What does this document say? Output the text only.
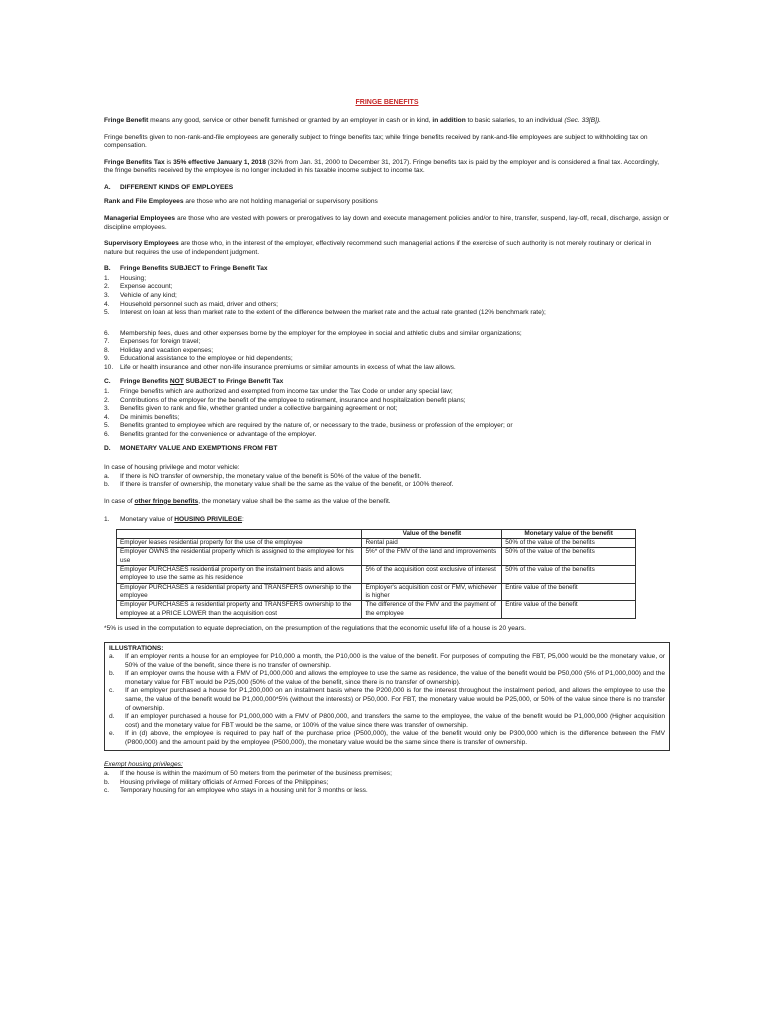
FRINGE BENEFITS

Fringe Benefit means any good, service or other benefit furnished or granted by an employer in cash or in kind, in addition to basic salaries, to an individual (Sec. 33[B]).

Fringe benefits given to non-rank-and-file employees are generally subject to fringe benefits tax; while fringe benefits received by rank-and-file employees are subject to withholding tax on compensation.

Fringe Benefits Tax is 35% effective January 1, 2018 (32% from Jan. 31, 2000 to December 31, 2017). Fringe benefits tax is paid by the employer and is considered a final tax. Accordingly, the fringe benefits received by the employee is no longer included in his taxable income subject to income tax.

A. DIFFERENT KINDS OF EMPLOYEES

Rank and File Employees are those who are not holding managerial or supervisory positions

Managerial Employees are those who are vested with powers or prerogatives to lay down and execute management policies and/or to hire, transfer, suspend, lay-off, recall, discharge, assign or discipline employees.

Supervisory Employees are those who, in the interest of the employer, effectively recommend such managerial actions if the exercise of such authority is not merely routinary or clerical in nature but requires the use of independent judgment.

B. Fringe Benefits SUBJECT to Fringe Benefit Tax
1.	Housing;
2.	Expense account;
3.	Vehicle of any kind;
4.	Household personnel such as maid, driver and others;
5.	Interest on loan at less than market rate to the extent of the difference between the market rate and the actual rate granted (12% benchmark rate);
6.	Membership fees, dues and other expenses borne by the employer for the employee in social and athletic clubs and similar organizations;
7.	Expenses for foreign travel;
8.	Holiday and vacation expenses;
9.	Educational assistance to the employee or hid dependents;
10.	Life or health insurance and other non-life insurance premiums or similar amounts in excess of what the law allows.
C. Fringe Benefits NOT SUBJECT to Fringe Benefit Tax
1.	Fringe benefits which are authorized and exempted from income tax under the Tax Code or under any special law;
2.	Contributions of the employer for the benefit of the employee to retirement, insurance and hospitalization benefit plans;
3.	Benefits given to rank and file, whether granted under a collective bargaining agreement or not;
4.	De minimis benefits;
5.	Benefits granted to employee which are required by the nature of, or necessary to the trade, business or profession of the employer; or
6.	Benefits granted for the convenience or advantage of the employer.
D. MONETARY VALUE AND EXEMPTIONS FROM FBT
In case of housing privilege and motor vehicle:
a.	If there is NO transfer of ownership, the monetary value of the benefit is 50% of the value of the benefit.
b.	If there is transfer of ownership, the monetary value shall be the same as the value of the benefit, or 100% thereof.

In case of other fringe benefits, the monetary value shall be the same as the value of the benefit.

1.	Monetary value of HOUSING PRIVILEGE:
	Value of the benefit	Monetary value of the benefit
Employer leases residential property for the use of the employee	Rental paid	50% of the value of the benefits
Employer OWNS the residential property which is assigned to the employee for his use	5%* of the FMV of the land and improvements	50% of the value of the benefits
Employer PURCHASES residential property on the instalment basis and allows employee to use the same as his residence	5% of the acquisition cost exclusive of interest	50% of the value of the benefits
Employer PURCHASES a residential property and TRANSFERS ownership to the employee	Employer's acquisition cost or FMV, whichever is higher	Entire value of the benefit
Employer PURCHASES a residential property and TRANSFERS ownership to the employee at a PRICE LOWER than the acquisition cost	The difference of the FMV and the payment of the employee	Entire value of the benefit
*5% is used in the computation to equate depreciation, on the presumption of the regulations that the economic useful life of a house is 20 years.
ILLUSTRATIONS:
a.	If an employer rents a house for an employee for P10,000 a month, the P10,000 is the value of the benefit. For purposes of computing the FBT, P5,000 would be the monetary value, or 50% of the value of the benefit, since there is no transfer of ownership.
b.	If an employer owns the house with a FMV of P1,000,000 and allows the employee to use the same as residence, the value of the benefit would be P50,000 (5% of P1,000,000) and the monetary value for FBT would be P25,000 (50% of the value of the benefit, since there is no transfer of ownership).
c.	If an employer purchased a house for P1,200,000 on an instalment basis where the P200,000 is for the interest throughout the instalment period, and allows the employee to use the same, the value of the benefit would be P1,000,000*5% (without the interests) or P50,000. For FBT, the monetary value would be P25,000, or 50% of the value since there is no transfer of ownership.
d.	If an employer purchased a house for P1,000,000 with a FMV of P800,000, and transfers the same to the employee, the value of the benefit would be P1,000,000 (Higher acquisition cost) and the monetary value for FBT would be the same, or 100% of the value since there was transfer of ownership.
e.	If in (d) above, the employee is required to pay half of the purchase price (P500,000), the value of the benefit would only be P300,000 which is the difference between the FMV (P800,000) and the amount paid by the employee (P500,000), the monetary value would be the same since there is transfer of ownership.
Exempt housing privileges:
a.	If the house is within the maximum of 50 meters from the perimeter of the business premises;
b.	Housing privilege of military officials of Armed Forces of the Philippines;
c.	Temporary housing for an employee who stays in a housing unit for 3 months or less.
